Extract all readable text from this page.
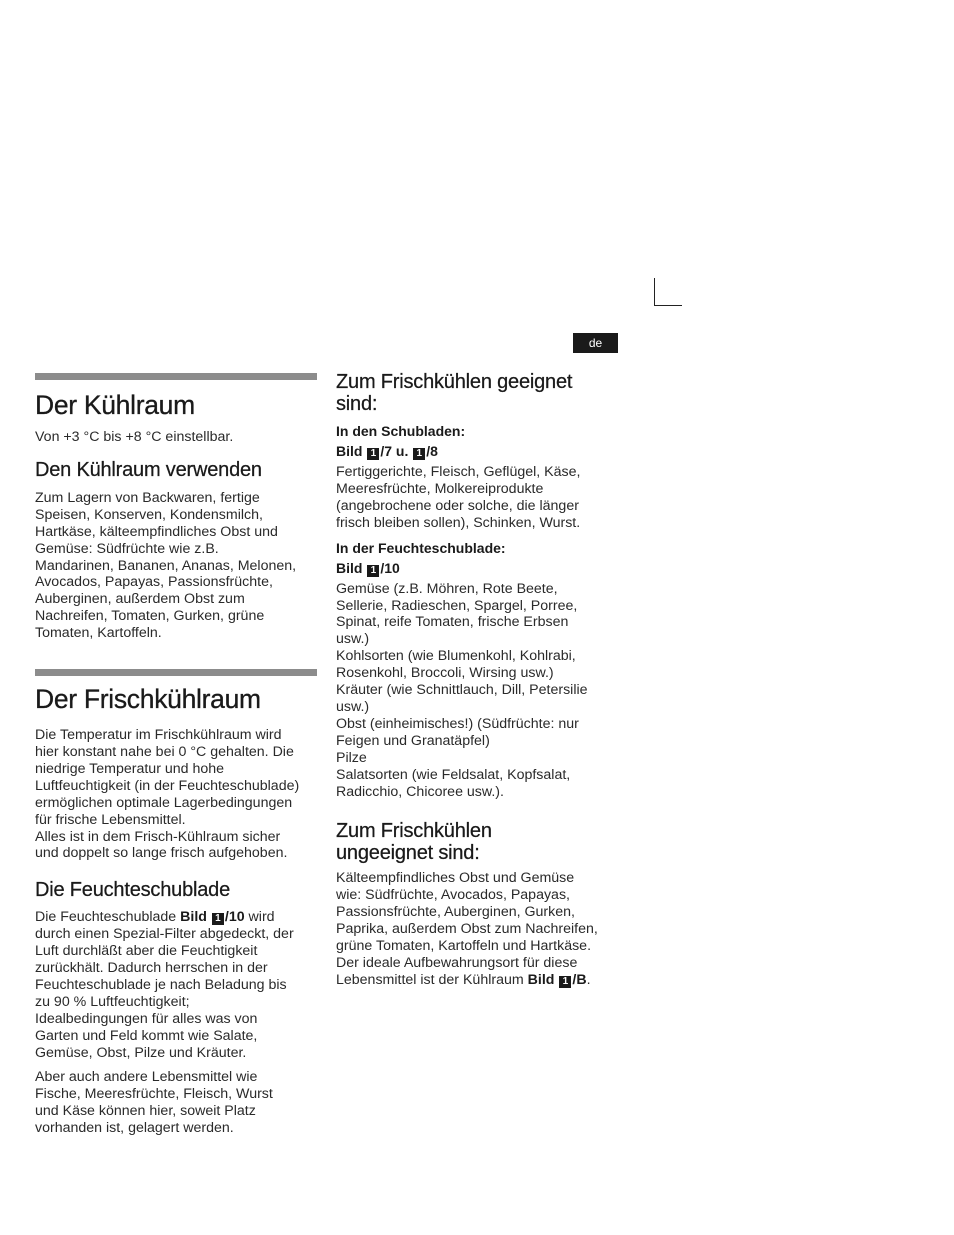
de
Der Kühlraum

Von +3 °C bis +8 °C einstellbar.

Den Kühlraum verwenden

Zum Lagern von Backwaren, fertige
Speisen, Konserven, Kondensmilch,
Hartkäse, kälteempfindliches Obst und
Gemüse: Südfrüchte wie z.B.
Mandarinen, Bananen, Ananas, Melonen,
Avocados, Papayas, Passionsfrüchte,
Auberginen, außerdem Obst zum
Nachreifen, Tomaten, Gurken, grüne
Tomaten, Kartoffeln.

Der Frischkühlraum

Die Temperatur im Frischkühlraum wird
hier konstant nahe bei 0 °C gehalten. Die
niedrige Temperatur und hohe
Luftfeuchtigkeit (in der Feuchteschublade)
ermöglichen optimale Lagerbedingungen
für frische Lebensmittel.
Alles ist in dem Frisch-Kühlraum sicher
und doppelt so lange frisch aufgehoben.

Die Feuchteschublade

Die Feuchteschublade Bild 1 /10 wird
durch einen Spezial-Filter abgedeckt, der
Luft durchläßt aber die Feuchtigkeit
zurückhält. Dadurch herrschen in der
Feuchteschublade je nach Beladung bis
zu 90 % Luftfeuchtigkeit;
Idealbedingungen für alles was von
Garten und Feld kommt wie Salate,
Gemüse, Obst, Pilze und Kräuter.

Aber auch andere Lebensmittel wie
Fische, Meeresfrüchte, Fleisch, Wurst
und Käse können hier, soweit Platz
vorhanden ist, gelagert werden.

Zum Frischkühlen geeignet sind:
In den Schubladen:
Bild 1 /7 u. 1 /8

Fertiggerichte, Fleisch, Geflügel, Käse,
Meeresfrüchte, Molkereiprodukte
(angebrochene oder solche, die länger
frisch bleiben sollen), Schinken, Wurst.

In der Feuchteschublade:
Bild 1 /10

Gemüse (z.B. Möhren, Rote Beete,
Sellerie, Radieschen, Spargel, Porree,
Spinat, reife Tomaten, frische Erbsen
usw.)
Kohlsorten (wie Blumenkohl, Kohlrabi,
Rosenkohl, Broccoli, Wirsing usw.)
Kräuter (wie Schnittlauch, Dill, Petersilie
usw.)
Obst (einheimisches!) (Südfrüchte: nur
Feigen und Granatäpfel)
Pilze
Salatsorten (wie Feldsalat, Kopfsalat,
Radicchio, Chicoree usw.).

Zum Frischkühlen ungeeignet sind:

Kälteempfindliches Obst und Gemüse
wie: Südfrüchte, Avocados, Papayas,
Passionsfrüchte, Auberginen, Gurken,
Paprika, außerdem Obst zum Nachreifen,
grüne Tomaten, Kartoffeln und Hartkäse.
Der ideale Aufbewahrungsort für diese
Lebensmittel ist der Kühlraum Bild 1 /B.
